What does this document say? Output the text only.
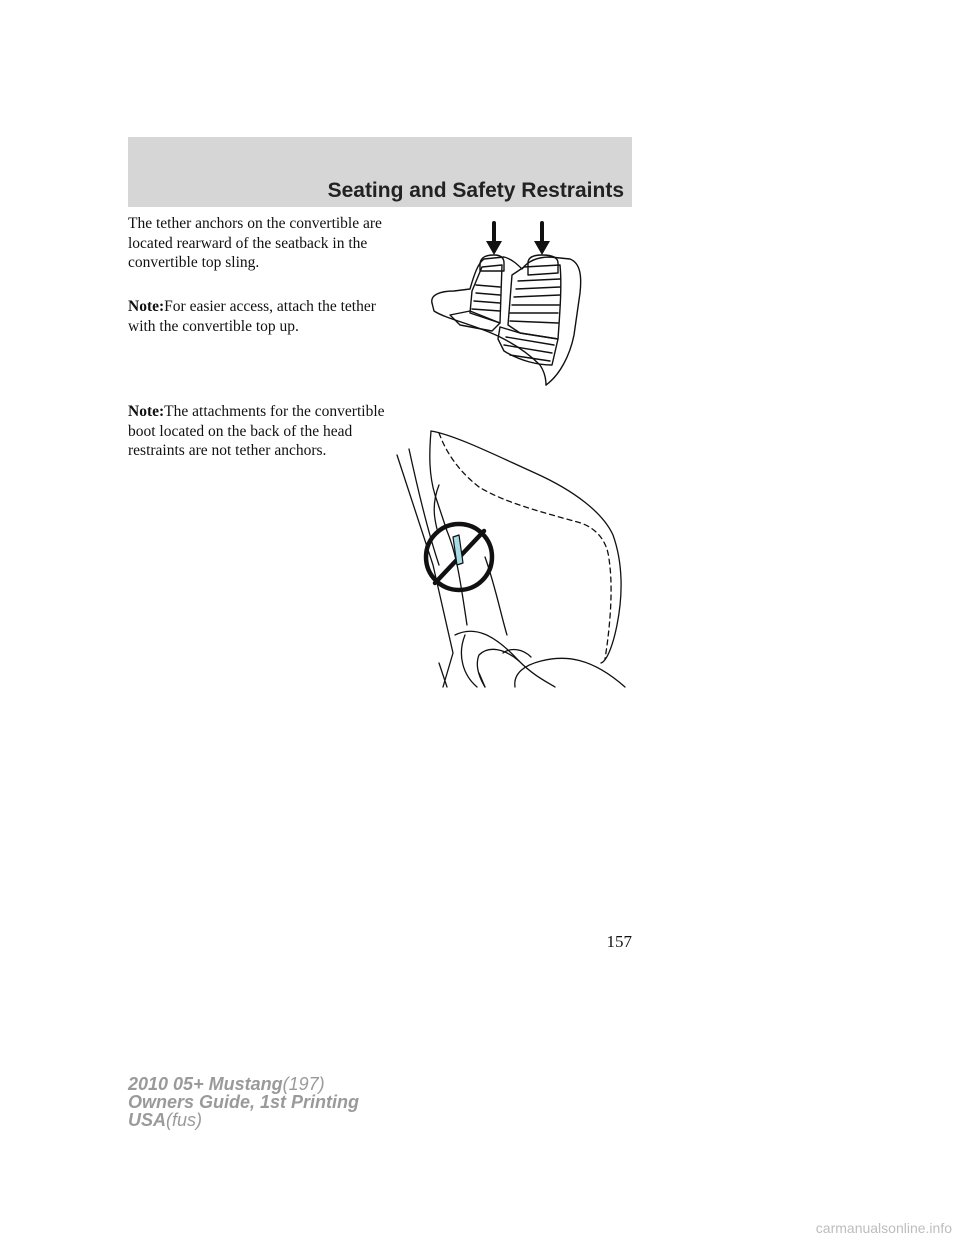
Seating and Safety Restraints

The tether anchors on the convertible are located rearward of the seatback in the convertible top sling.

Note:For easier access, attach the tether with the convertible top up.

Note:The attachments for the convertible boot located on the back of the head restraints are not tether anchors.

157

2010 05+ Mustang(197)
Owners Guide, 1st Printing
USA(fus)
carmanualsonline.info
